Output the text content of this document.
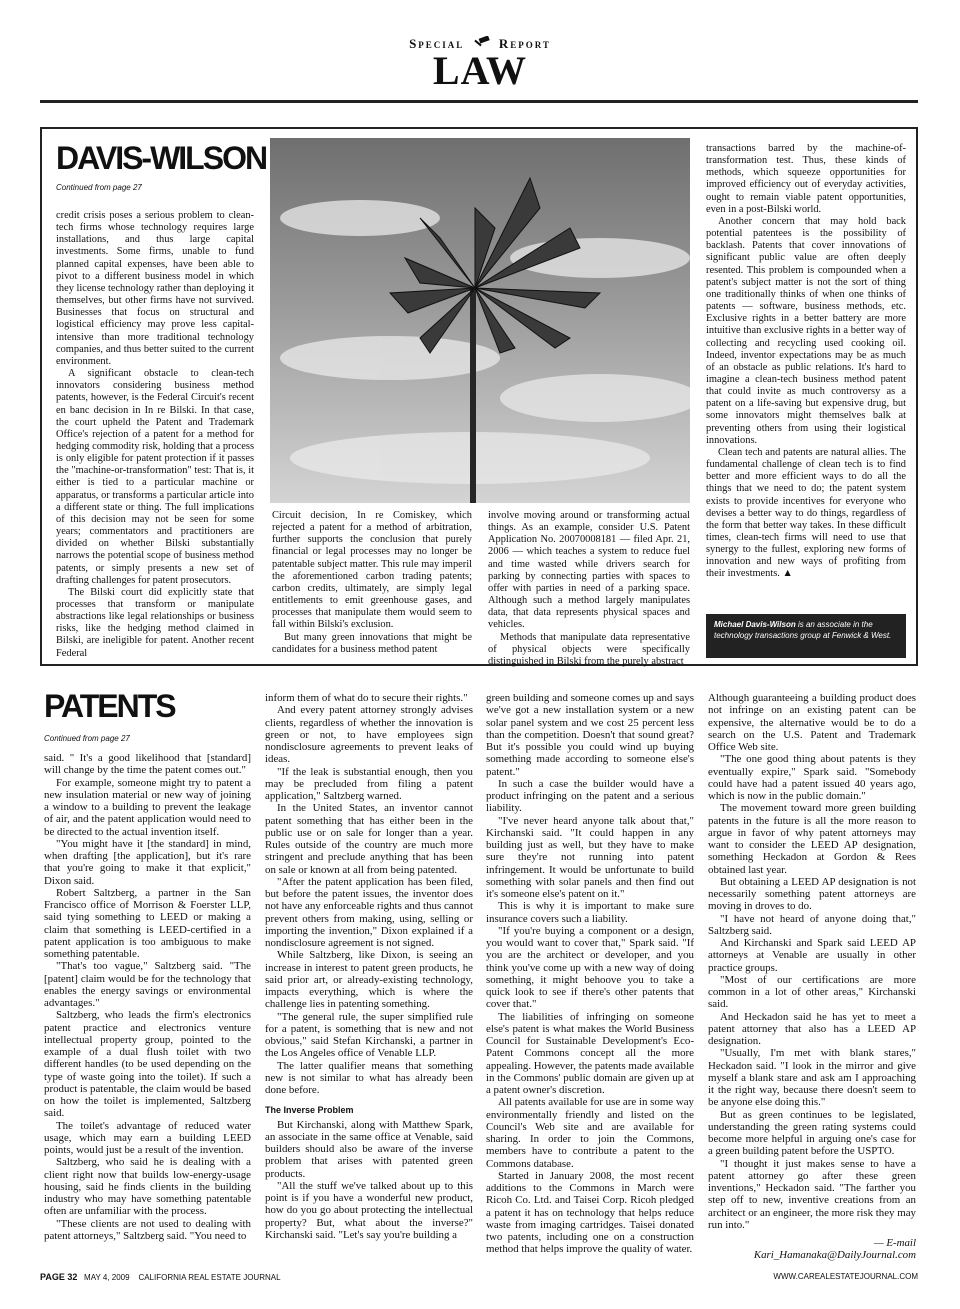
Special	Report
LAW
DAVIS-WILSON
Continued from page 27

credit crisis poses a serious problem to clean-tech firms whose technology requires large installations, and thus large capital investments. Some firms, unable to fund planned capital expenses, have been able to pivot to a different business model in which they license technology rather than deploying it themselves, but other firms have not survived. Businesses that focus on structural and logistical efficiency may prove less capital-intensive than more traditional technology companies, and thus better suited to the current environment.

A significant obstacle to clean-tech innovators considering business method patents, however, is the Federal Circuit's recent en banc decision in In re Bilski. In that case, the court upheld the Patent and Trademark Office's rejection of a patent for a method for hedging commodity risk, holding that a process is only eligible for patent protection if it passes the "machine-or-transformation" test: That is, it either is tied to a particular machine or apparatus, or transforms a particular article into a different state or thing. The full implications of this decision may not be seen for some years; commentators and practitioners are divided on whether Bilski substantially narrows the potential scope of business method patents, or simply presents a new set of drafting challenges for patent prosecutors.

The Bilski court did explicitly state that processes that transform or manipulate abstractions like legal relationships or business risks, like the hedging method claimed in Bilski, are ineligible for patent. Another recent Federal

Circuit decision, In re Comiskey, which rejected a patent for a method of arbitration, further supports the conclusion that purely financial or legal processes may no longer be patentable subject matter. This rule may imperil the aforementioned carbon trading patents; carbon credits, ultimately, are simply legal entitlements to emit greenhouse gases, and processes that manipulate them would seem to fall within Bilski's exclusion.

But many green innovations that might be candidates for a business method patent

involve moving around or transforming actual things. As an example, consider U.S. Patent Application No. 20070008181 — filed Apr. 21, 2006 — which teaches a system to reduce fuel and time wasted while drivers search for parking by connecting parties with spaces to offer with parties in need of a parking space. Although such a method largely manipulates data, that data represents physical spaces and vehicles.

Methods that manipulate data representative of physical objects were specifically distinguished in Bilski from the purely abstract

transactions barred by the machine-of-transformation test. Thus, these kinds of methods, which squeeze opportunities for improved efficiency out of everyday activities, ought to remain viable patent opportunities, even in a post-Bilski world.

Another concern that may hold back potential patentees is the possibility of backlash. Patents that cover innovations of significant public value are often deeply resented. This problem is compounded when a patent's subject matter is not the sort of thing one traditionally thinks of when one thinks of patents — software, business methods, etc. Exclusive rights in a better battery are more intuitive than exclusive rights in a better way of collecting and recycling used cooking oil. Indeed, inventor expectations may be as much of an obstacle as public relations. It's hard to imagine a clean-tech business method patent that could invite as much controversy as a patent on a life-saving but expensive drug, but some innovators might themselves balk at preventing others from using their logistical innovations.

Clean tech and patents are natural allies. The fundamental challenge of clean tech is to find better and more efficient ways to do all the things that we need to do; the patent system exists to provide incentives for everyone who devises a better way to do things, regardless of the form that better way takes. In these difficult times, clean-tech firms will need to use that synergy to the fullest, exploring new forms of innovation and new ways of profiting from their investments. ▲

Michael Davis-Wilson is an associate in the technology transactions group at Fenwick & West.
PATENTS
Continued from page 27

said. " It's a good likelihood that [standard] will change by the time the patent comes out."

For example, someone might try to patent a new insulation material or new way of joining a window to a building to prevent the leakage of air, and the patent application would need to be directed to the actual invention itself.

"You might have it [the standard] in mind, when drafting [the application], but it's rare that you're going to make it that explicit," Dixon said.

Robert Saltzberg, a partner in the San Francisco office of Morrison & Foerster LLP, said tying something to LEED or making a claim that something is LEED-certified in a patent application is too ambiguous to make something patentable.

"That's too vague," Saltzberg said. "The [patent] claim would be for the technology that enables the energy savings or environmental advantages."

Saltzberg, who leads the firm's electronics patent practice and electronics venture intellectual property group, pointed to the example of a dual flush toilet with two different handles (to be used depending on the type of waste going into the toilet). If such a product is patentable, the claim would be based on how the toilet is implemented, Saltzberg said.

The toilet's advantage of reduced water usage, which may earn a building LEED points, would just be a result of the invention.

Saltzberg, who said he is dealing with a client right now that builds low-energy-usage housing, said he finds clients in the building industry who may have something patentable often are unfamiliar with the process.

"These clients are not used to dealing with patent attorneys," Saltzberg said. "You need to

inform them of what do to secure their rights."

And every patent attorney strongly advises clients, regardless of whether the innovation is green or not, to have employees sign nondisclosure agreements to prevent leaks of ideas.

"If the leak is substantial enough, then you may be precluded from filing a patent application," Saltzberg warned.

In the United States, an inventor cannot patent something that has either been in the public use or on sale for longer than a year. Rules outside of the country are much more stringent and preclude anything that has been on sale or known at all from being patented.

"After the patent application has been filed, but before the patent issues, the inventor does not have any enforceable rights and thus cannot prevent others from making, using, selling or importing the invention," Dixon explained if a nondisclosure agreement is not signed.

While Saltzberg, like Dixon, is seeing an increase in interest to patent green products, he said prior art, or already-existing technology, impacts everything, which is where the challenge lies in patenting something.

"The general rule, the super simplified rule for a patent, is something that is new and not obvious," said Stefan Kirchanski, a partner in the Los Angeles office of Venable LLP.

The latter qualifier means that something new is not similar to what has already been done before.

The Inverse Problem

But Kirchanski, along with Matthew Spark, an associate in the same office at Venable, said builders should also be aware of the inverse problem that arises with patented green products.

"All the stuff we've talked about up to this point is if you have a wonderful new product, how do you go about protecting the intellectual property? But, what about the inverse?" Kirchanski said. "Let's say you're building a

green building and someone comes up and says we've got a new installation system or a new solar panel system and we cost 25 percent less than the competition. Doesn't that sound great? But it's possible you could wind up buying something made according to someone else's patent."

In such a case the builder would have a product infringing on the patent and a serious liability.

"I've never heard anyone talk about that," Kirchanski said. "It could happen in any building just as well, but they have to make sure they're not running into patent infringement. It would be unfortunate to build something with solar panels and then find out it's someone else's patent on it."

This is why it is important to make sure insurance covers such a liability.

"If you're buying a component or a design, you would want to cover that," Spark said. "If you are the architect or developer, and you think you've come up with a new way of doing something, it might behoove you to take a quick look to see if there's other patents that cover that."

The liabilities of infringing on someone else's patent is what makes the World Business Council for Sustainable Development's Eco-Patent Commons concept all the more appealing. However, the patents made available in the Commons' public domain are given up at a patent owner's discretion.

All patents available for use are in some way environmentally friendly and listed on the Council's Web site and are available for sharing. In order to join the Commons, members have to contribute a patent to the Commons database.

Started in January 2008, the most recent additions to the Commons in March were Ricoh Co. Ltd. and Taisei Corp. Ricoh pledged a patent it has on technology that helps reduce waste from imaging cartridges. Taisei donated two patents, including one on a construction method that helps improve the quality of water.

Although guaranteeing a building product does not infringe on an existing patent can be expensive, the alternative would be to do a search on the U.S. Patent and Trademark Office Web site.

"The one good thing about patents is they eventually expire," Spark said. "Somebody could have had a patent issued 40 years ago, which is now in the public domain."

The movement toward more green building patents in the future is all the more reason to argue in favor of why patent attorneys may want to consider the LEED AP designation, something Heckadon at Gordon & Rees obtained last year.

But obtaining a LEED AP designation is not necessarily something patent attorneys are moving in droves to do.

"I have not heard of anyone doing that," Saltzberg said.

And Kirchanski and Spark said LEED AP attorneys at Venable are usually in other practice groups.

"Most of our certifications are more common in a lot of other areas," Kirchanski said.

And Heckadon said he has yet to meet a patent attorney that also has a LEED AP designation.

"Usually, I'm met with blank stares," Heckadon said. "I look in the mirror and give myself a blank stare and ask am I approaching it the right way, because there doesn't seem to be anyone else doing this."

But as green continues to be legislated, understanding the green rating systems could become more helpful in arguing one's case for a green building patent before the USPTO.

"I thought it just makes sense to have a patent attorney go after these green inventions," Heckadon said. "The farther you step off to new, inventive creations from an architect or an engineer, the more risk they may run into."

— E-mail Kari_Hamanaka@DailyJournal.com

PAGE 32 MAY 4, 2009 CALIFORNIA REAL ESTATE JOURNAL	WWW.CAREALESTATEJOURNAL.COM
